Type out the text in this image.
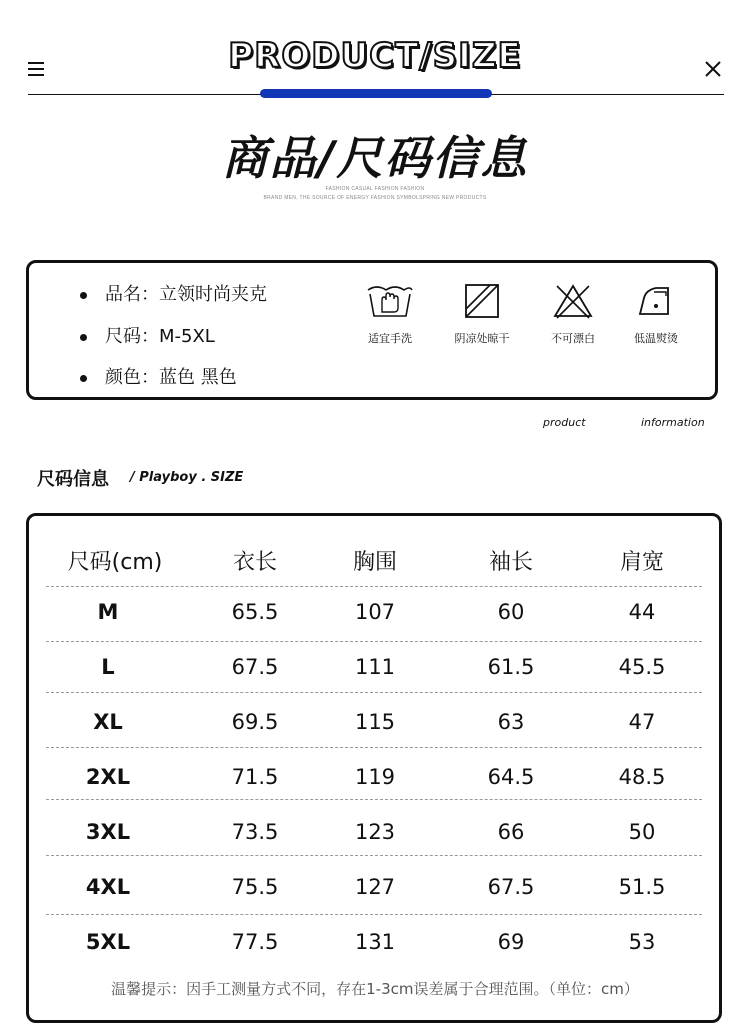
PRODUCT/SIZE
商品/尺码信息
FASHION CASUAL FASHION FASHION
BRAND MEN, THE SOURCE OF ENERGY FASHION SYMBOLSPRING NEW PRODUCTS
品名：立领时尚夹克
尺码：M-5XL
颜色：蓝色 黑色
适宜手洗	阴凉处晾干	不可漂白	低温熨烫
product	information
尺码信息 / Playboy . SIZE
尺码(cm)	衣长	胸围	袖长	肩宽
M	65.5	107	60	44
L	67.5	111	61.5	45.5
XL	69.5	115	63	47
2XL	71.5	119	64.5	48.5
3XL	73.5	123	66	50
4XL	75.5	127	67.5	51.5
5XL	77.5	131	69	53
温馨提示：因手工测量方式不同，存在1-3cm误差属于合理范围。（单位：cm）
